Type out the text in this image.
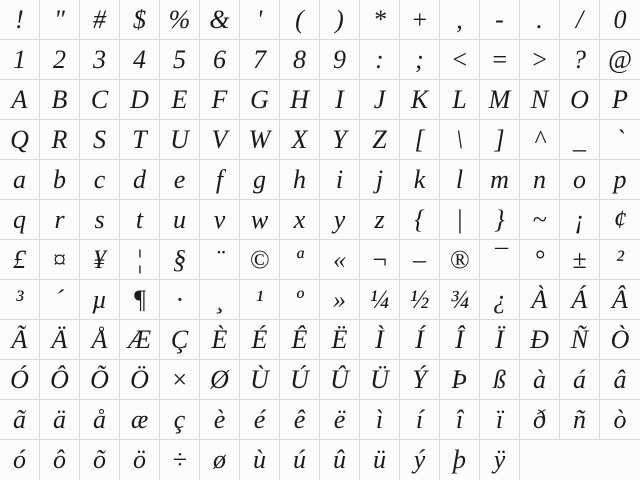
! " # $ % & ' ( ) * + , - . / 0
1 2 3 4 5 6 7 8 9 : ; < = > ? @
A B C D E F G H I J K L M N O P
Q R S T U V W X Y Z [ \ ] ^ _ `
a b c d e f g h i j k l m n o p
q r s t u v w x y z { | } ~ ¡ ¢
£ ¤ ¥ ¦ § ¨ © ª « ¬ – ® ¯ ° ± ²
³ ´ µ ¶ · ¸ ¹ º » ¼ ½ ¾ ¿ À Á Â
Ã Ä Å Æ Ç È É Ê Ë Ì Í Î Ï Ð Ñ Ò
Ó Ô Õ Ö × Ø Ù Ú Û Ü Ý Þ ß à á â
ã ä å æ ç è é ê ë ì í î ï ð ñ ò
ó ô õ ö ÷ ø ù ú û ü ý þ ÿ
